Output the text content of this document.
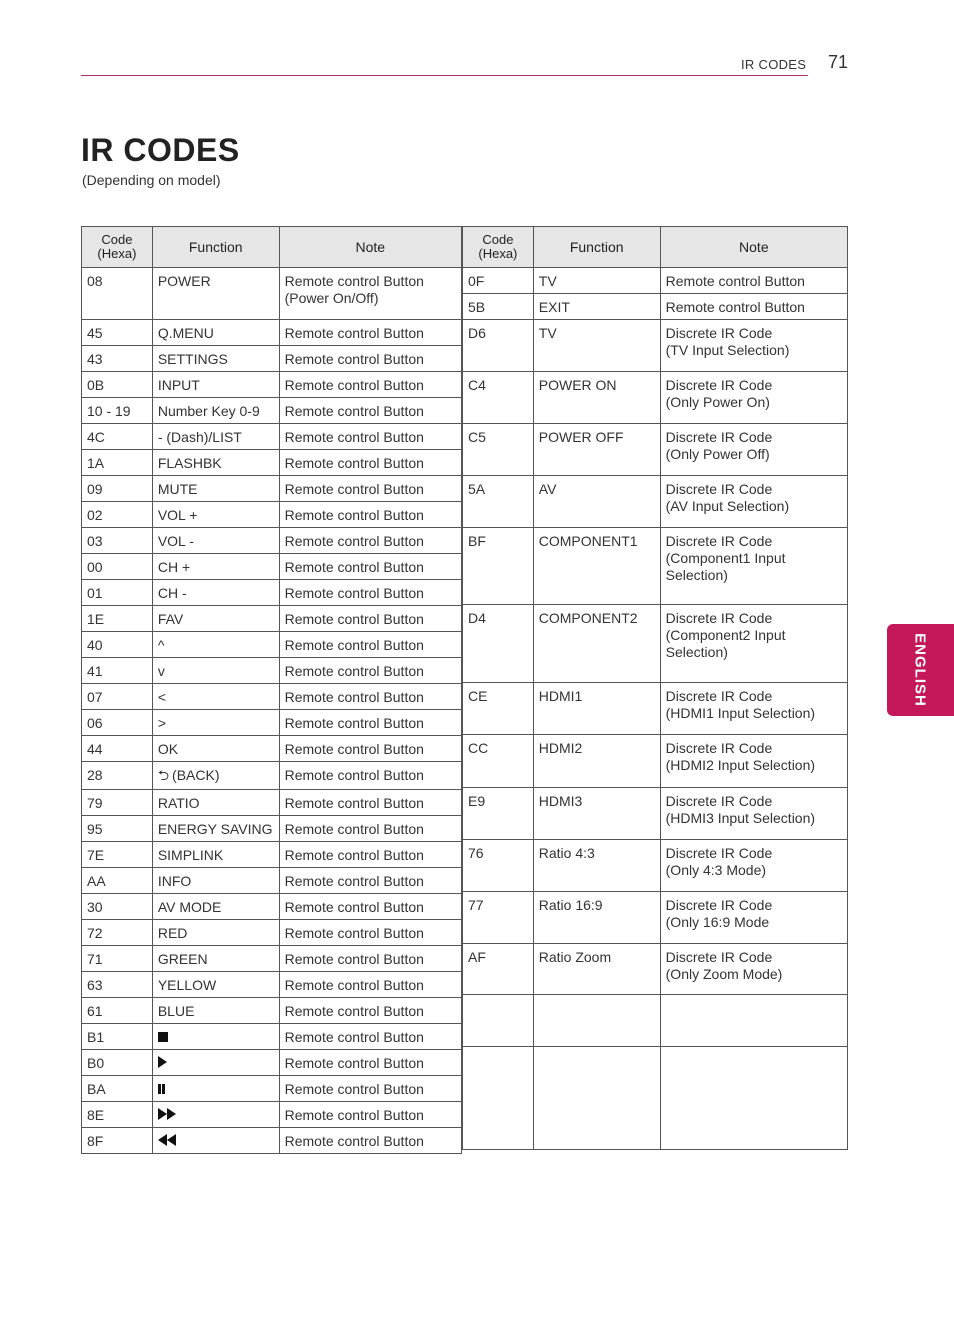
IR CODES 71
IR CODES
(Depending on model)
ENGLISH
Code
(Hexa)	Function	Note

08	POWER	Remote control Button
(Power On/Off)

45	Q.MENU	Remote control Button

43	SETTINGS	Remote control Button

0B	INPUT	Remote control Button

10 - 19	Number Key 0-9	Remote control Button

4C	- (Dash)/LIST	Remote control Button

1A	FLASHBK	Remote control Button

09	MUTE	Remote control Button

02	VOL +	Remote control Button

03	VOL -	Remote control Button

00	CH +	Remote control Button

01	CH -	Remote control Button

1E	FAV	Remote control Button

40	^	Remote control Button

41	v	Remote control Button

07	<	Remote control Button

06	>	Remote control Button

44	OK	Remote control Button

28	⮌ (BACK)	Remote control Button

79	RATIO	Remote control Button

95	ENERGY SAVING	Remote control Button

7E	SIMPLINK	Remote control Button

AA	INFO	Remote control Button

30	AV MODE	Remote control Button

72	RED	Remote control Button

71	GREEN	Remote control Button

63	YELLOW	Remote control Button

61	BLUE	Remote control Button

B1		Remote control Button

B0		Remote control Button

BA		Remote control Button

8E		Remote control Button

8F		Remote control Button
Code
(Hexa)	Function	Note

0F	TV	Remote control Button

5B	EXIT	Remote control Button

D6	TV	Discrete IR Code
(TV Input Selection)

C4	POWER ON	Discrete IR Code
(Only Power On)

C5	POWER OFF	Discrete IR Code
(Only Power Off)

5A	AV	Discrete IR Code
(AV Input Selection)

BF	COMPONENT1	Discrete IR Code
(Component1 Input
Selection)

D4	COMPONENT2	Discrete IR Code
(Component2 Input
Selection)

CE	HDMI1	Discrete IR Code
(HDMI1 Input Selection)

CC	HDMI2	Discrete IR Code
(HDMI2 Input Selection)

E9	HDMI3	Discrete IR Code
(HDMI3 Input Selection)

76	Ratio 4:3	Discrete IR Code
(Only 4:3 Mode)

77	Ratio 16:9	Discrete IR Code
(Only 16:9 Mode

AF	Ratio Zoom	Discrete IR Code
(Only Zoom Mode)
